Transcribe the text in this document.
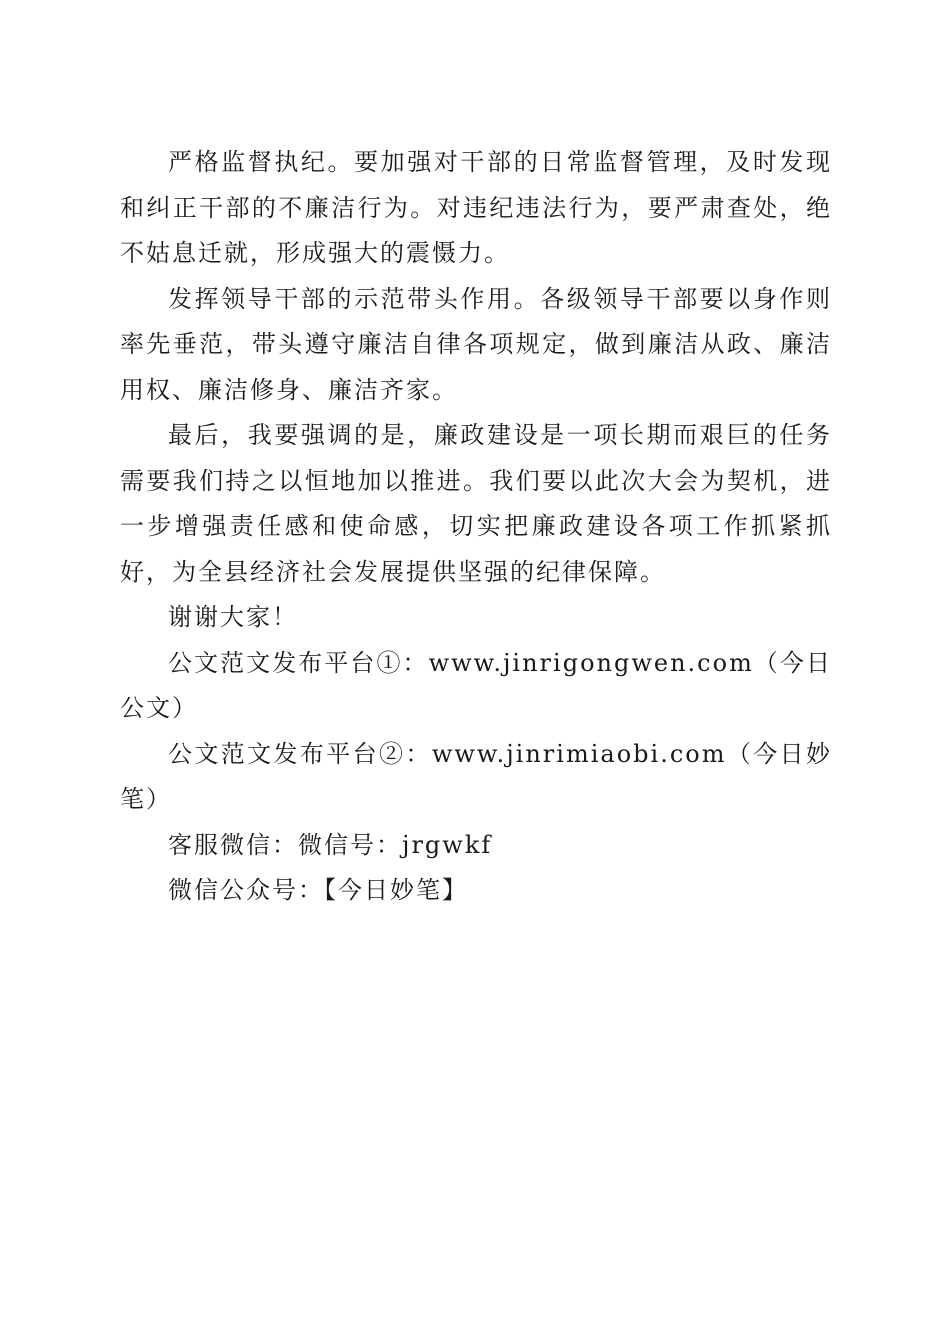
严格监督执纪。要加强对干部的日常监督管理，及时发现和纠正干部的不廉洁行为。对违纪违法行为，要严肃查处，绝不姑息迁就，形成强大的震慑力。

发挥领导干部的示范带头作用。各级领导干部要以身作则率先垂范，带头遵守廉洁自律各项规定，做到廉洁从政、廉洁用权、廉洁修身、廉洁齐家。

最后，我要强调的是，廉政建设是一项长期而艰巨的任务需要我们持之以恒地加以推进。我们要以此次大会为契机，进一步增强责任感和使命感，切实把廉政建设各项工作抓紧抓好，为全县经济社会发展提供坚强的纪律保障。

谢谢大家！

公文范文发布平台①：www.jinrigongwen.com（今日公文）

公文范文发布平台②：www.jinrimiaobi.com（今日妙笔）

客服微信：微信号：jrgwkf

微信公众号：【今日妙笔】
